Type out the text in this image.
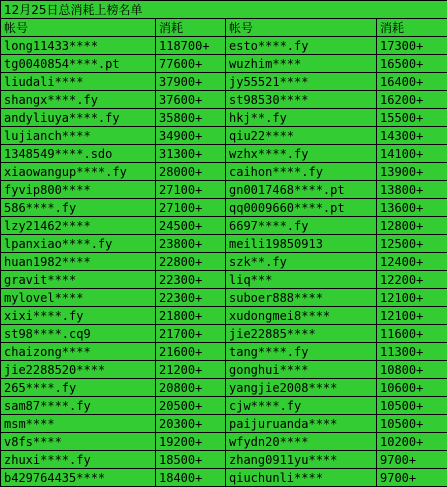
12月25日总消耗上榜名单			
帐号	消耗	帐号	消耗
long11433****	118700+	esto****.fy	17300+
tg0040854****.pt	77600+	wuzhim****	16500+
liudali****	37900+	jy55521****	16400+
shangx****.fy	37600+	st98530****	16200+
andyliuya****.fy	35800+	hkj**.fy	15500+
lujianch****	34900+	qiu22****	14300+
1348549****.sdo	31300+	wzhx****.fy	14100+
xiaowangup****.fy	28000+	caihon****.fy	13900+
fyvip800****	27100+	gn0017468****.pt	13800+
586****.fy	27100+	qq0009660****.pt	13600+
lzy21462****	24500+	6697****.fy	12800+
lpanxiao****.fy	23800+	meili19850913	12500+
huan1982****	22800+	szk**.fy	12400+
gravit****	22300+	liq***	12200+
mylovel****	22300+	suboer888****	12100+
xixi****.fy	21800+	xudongmei8****	12100+
st98****.cq9	21700+	jie22885****	11600+
chaizong****	21600+	tang****.fy	11300+
jie2288520****	21200+	gonghui****	10800+
265****.fy	20800+	yangjie2008****	10600+
sam87****.fy	20500+	cjw****.fy	10500+
msm****	20300+	paijuruanda****	10500+
v8fs****	19200+	wfydn20****	10200+
zhuxi****.fy	18500+	zhang0911yu****	9700+
b429764435****	18400+	qiuchunli****	9700+
